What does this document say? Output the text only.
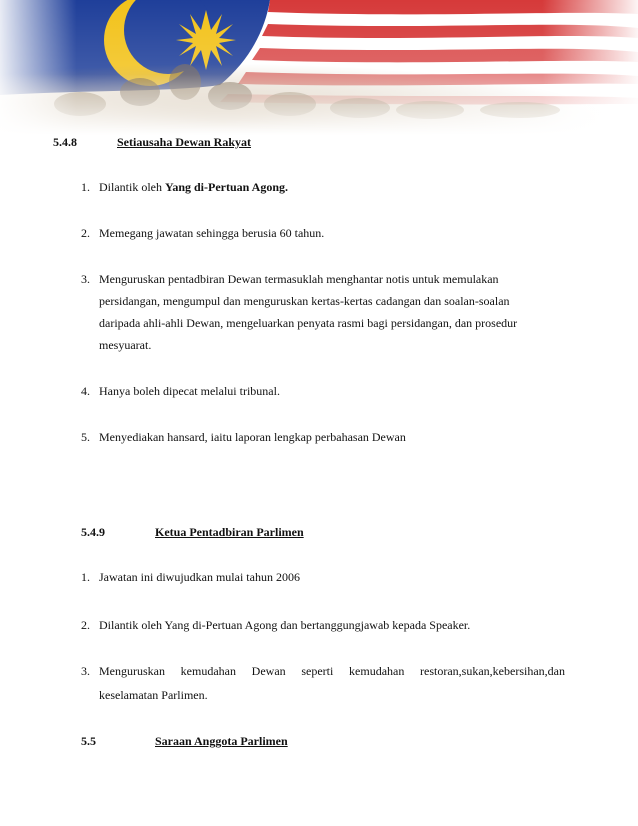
5.4.8	Setiausaha Dewan Rakyat
1. Dilantik oleh Yang di-Pertuan Agong.
2. Memegang jawatan sehingga berusia 60 tahun.
3. Menguruskan pentadbiran Dewan termasuklah menghantar notis untuk memulakan
persidangan, mengumpul dan menguruskan kertas-kertas cadangan dan soalan-soalan
daripada ahli-ahli Dewan, mengeluarkan penyata rasmi bagi persidangan, dan prosedur
mesyuarat.
4. Hanya boleh dipecat melalui tribunal.
5. Menyediakan hansard, iaitu laporan lengkap perbahasan Dewan
5.4.9	Ketua Pentadbiran Parlimen
1. Jawatan ini diwujudkan mulai tahun 2006
2. Dilantik oleh Yang di-Pertuan Agong dan bertanggungjawab kepada Speaker.
3. Menguruskan kemudahan Dewan seperti kemudahan restoran,sukan,kebersihan,dan
keselamatan Parlimen.
5.5	Saraan Anggota Parlimen
